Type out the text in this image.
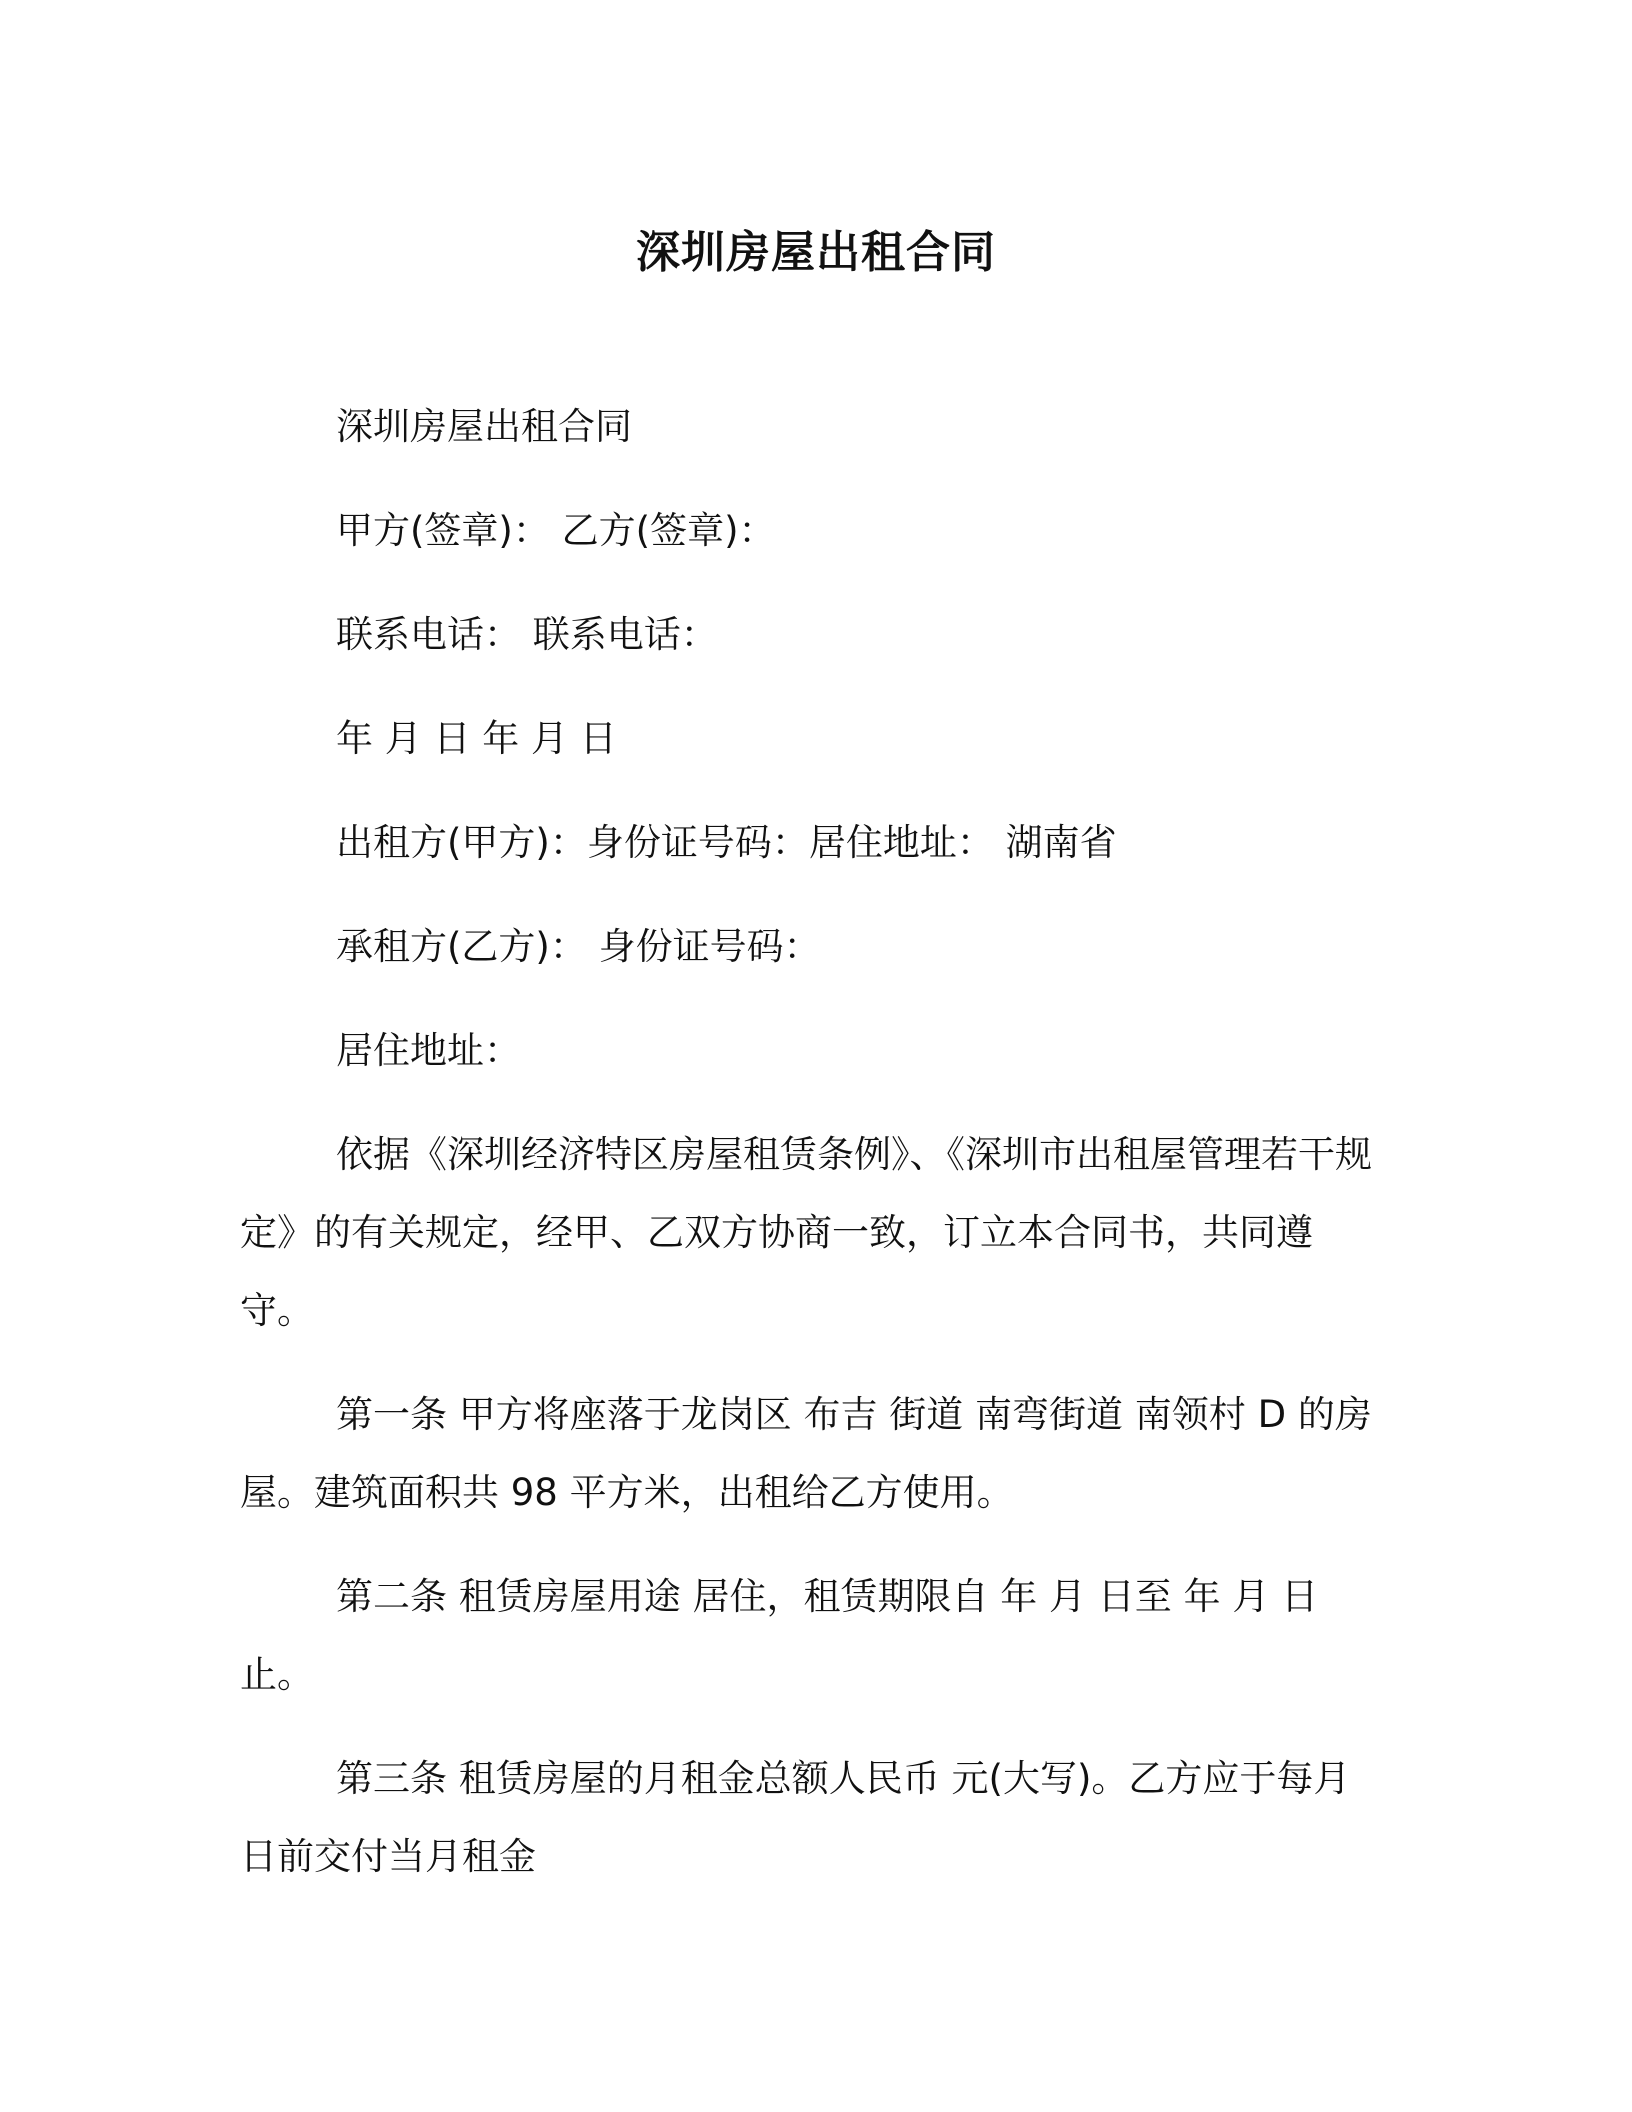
深圳房屋出租合同
深圳房屋出租合同
甲方(签章)： 乙方(签章)：
联系电话： 联系电话：
年 月 日 年 月 日
出租方(甲方)：身份证号码：居住地址： 湖南省
承租方(乙方)： 身份证号码：
居住地址：

依据《深圳经济特区房屋租赁条例》、《深圳市出租屋管理若干规定》的有关规定，经甲、乙双方协商一致，订立本合同书，共同遵守。

第一条 甲方将座落于龙岗区 布吉 街道 南弯街道 南领村 D 的房屋。建筑面积共 98 平方米，出租给乙方使用。

第二条 租赁房屋用途 居住，租赁期限自 年 月 日至 年 月 日止。

第三条 租赁房屋的月租金总额人民币 元(大写)。乙方应于每月日前交付当月租金
